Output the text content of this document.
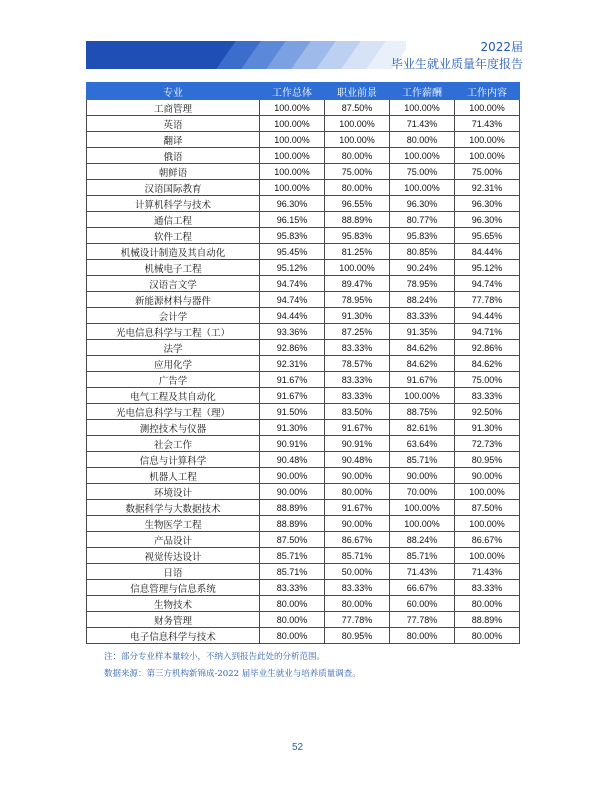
2022届
毕业生就业质量年度报告
专业	工作总体	职业前景	工作薪酬	工作内容
工商管理	100.00%	87.50%	100.00%	100.00%
英语	100.00%	100.00%	71.43%	71.43%
翻译	100.00%	100.00%	80.00%	100.00%
俄语	100.00%	80.00%	100.00%	100.00%
朝鲜语	100.00%	75.00%	75.00%	75.00%
汉语国际教育	100.00%	80.00%	100.00%	92.31%
计算机科学与技术	96.30%	96.55%	96.30%	96.30%
通信工程	96.15%	88.89%	80.77%	96.30%
软件工程	95.83%	95.83%	95.83%	95.65%
机械设计制造及其自动化	95.45%	81.25%	80.85%	84.44%
机械电子工程	95.12%	100.00%	90.24%	95.12%
汉语言文学	94.74%	89.47%	78.95%	94.74%
新能源材料与器件	94.74%	78.95%	88.24%	77.78%
会计学	94.44%	91.30%	83.33%	94.44%
光电信息科学与工程（工）	93.36%	87.25%	91.35%	94.71%
法学	92.86%	83.33%	84.62%	92.86%
应用化学	92.31%	78.57%	84.62%	84.62%
广告学	91.67%	83.33%	91.67%	75.00%
电气工程及其自动化	91.67%	83.33%	100.00%	83.33%
光电信息科学与工程（理）	91.50%	83.50%	88.75%	92.50%
测控技术与仪器	91.30%	91.67%	82.61%	91.30%
社会工作	90.91%	90.91%	63.64%	72.73%
信息与计算科学	90.48%	90.48%	85.71%	80.95%
机器人工程	90.00%	90.00%	90.00%	90.00%
环境设计	90.00%	80.00%	70.00%	100.00%
数据科学与大数据技术	88.89%	91.67%	100.00%	87.50%
生物医学工程	88.89%	90.00%	100.00%	100.00%
产品设计	87.50%	86.67%	88.24%	86.67%
视觉传达设计	85.71%	85.71%	85.71%	100.00%
日语	85.71%	50.00%	71.43%	71.43%
信息管理与信息系统	83.33%	83.33%	66.67%	83.33%
生物技术	80.00%	80.00%	60.00%	80.00%
财务管理	80.00%	77.78%	77.78%	88.89%
电子信息科学与技术	80.00%	80.95%	80.00%	80.00%
注：部分专业样本量较小，不纳入到报告此处的分析范围。
数据来源：第三方机构新锦成-2022 届毕业生就业与培养质量调查。
52
